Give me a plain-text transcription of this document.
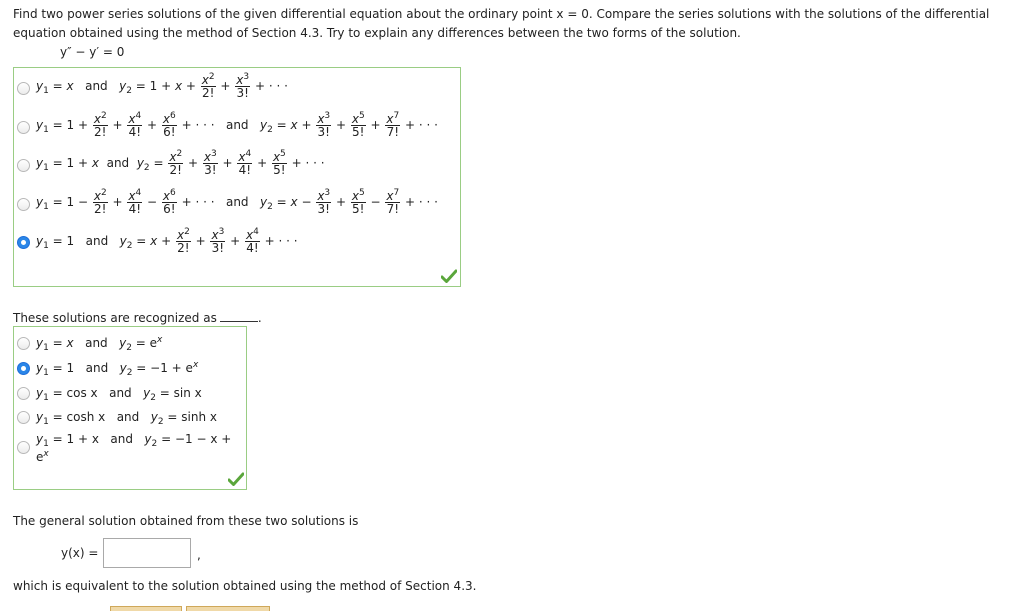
Find two power series solutions of the given differential equation about the ordinary point x = 0. Compare the series solutions with the solutions of the differential equation obtained using the method of Section 4.3. Try to explain any differences between the two forms of the solution.

y″ − y′ = 0
$y_1 = x$   and   $y_2 = 1 + x + \frac{x^2}{2!} + \frac{x^3}{3!}$ + · · ·
$y_1 = 1 + \frac{x^2}{2!} + \frac{x^4}{4!} + \frac{x^6}{6!}$ + · · ·   and   $y_2 = x + \frac{x^3}{3!} + \frac{x^5}{5!} + \frac{x^7}{7!}$ + · · ·
$y_1 = 1 + x$  and  $y_2 = \frac{x^2}{2!} + \frac{x^3}{3!} + \frac{x^4}{4!} + \frac{x^5}{5!}$ + · · ·
$y_1 = 1 - \frac{x^2}{2!} + \frac{x^4}{4!} - \frac{x^6}{6!}$ + · · ·   and   $y_2 = x - \frac{x^3}{3!} + \frac{x^5}{5!} - \frac{x^7}{7!}$ + · · ·
$y_1 = 1$   and   $y_2 = x + \frac{x^2}{2!} + \frac{x^3}{3!} + \frac{x^4}{4!}$ + · · ·
These solutions are recognized as	.
$y_1 = x$   and   $y_2 = e^x$
$y_1 = 1$   and   $y_2 = -1 + e^x$
$y_1 = \cos x$   and   $y_2 = \sin x$
$y_1 = \cosh x$   and   $y_2 = \sinh x$
$y_1 = 1 + x$   and   $y_2 = -1 - x$ +
$e^x$
The general solution obtained from these two solutions is
y(x) =	,
which is equivalent to the solution obtained using the method of Section 4.3.
